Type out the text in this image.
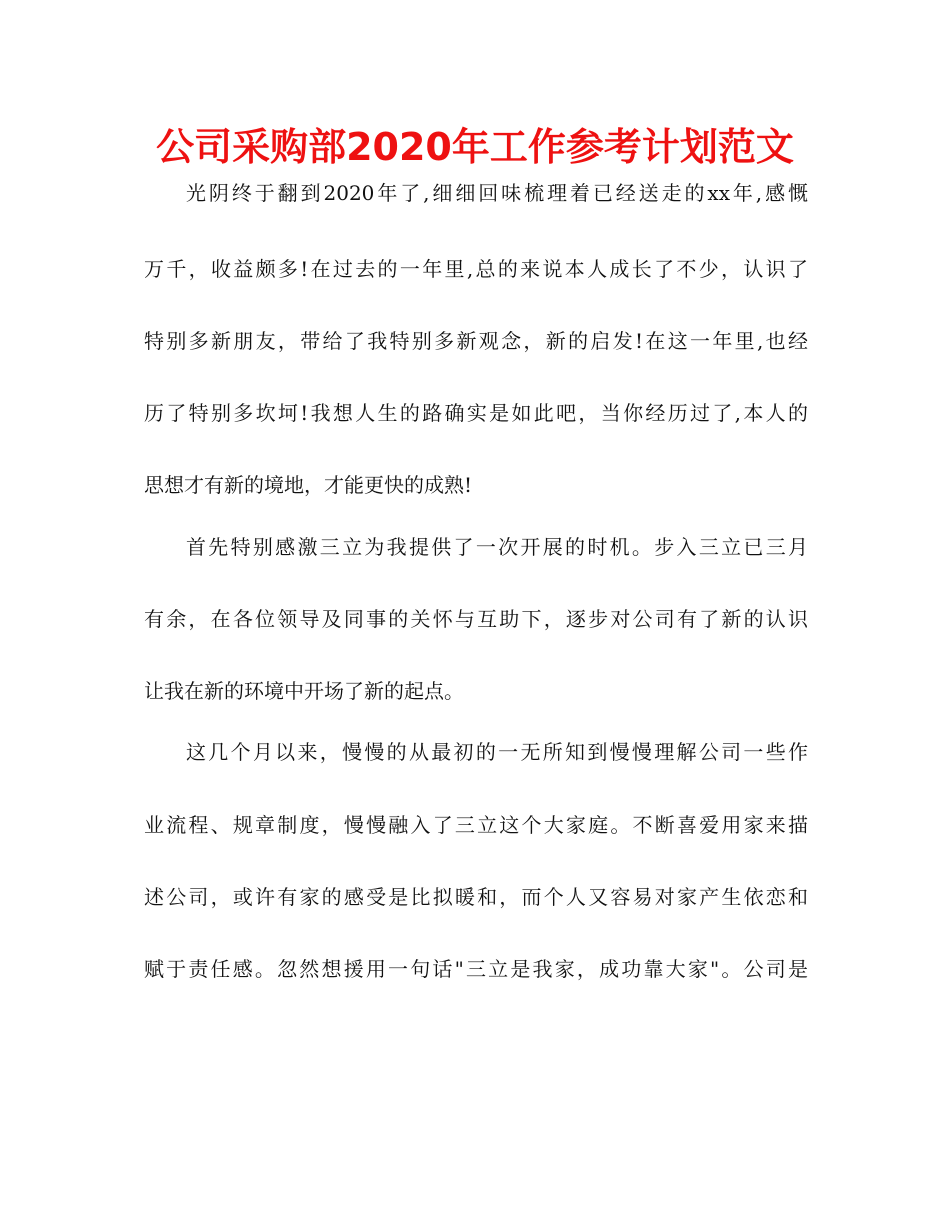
公司采购部2020年工作参考计划范文

光阴终于翻到2020年了,细细回味梳理着已经送走的xx年,感慨

万千，收益颇多!在过去的一年里,总的来说本人成长了不少，认识了

特别多新朋友，带给了我特别多新观念，新的启发!在这一年里,也经

历了特别多坎坷!我想人生的路确实是如此吧，当你经历过了,本人的

思想才有新的境地，才能更快的成熟!

首先特别感激三立为我提供了一次开展的时机。步入三立已三月

有余，在各位领导及同事的关怀与互助下，逐步对公司有了新的认识

让我在新的环境中开场了新的起点。

这几个月以来，慢慢的从最初的一无所知到慢慢理解公司一些作

业流程、规章制度，慢慢融入了三立这个大家庭。不断喜爱用家来描

述公司，或许有家的感受是比拟暖和，而个人又容易对家产生依恋和

赋于责任感。忽然想援用一句话"三立是我家，成功靠大家"。公司是
